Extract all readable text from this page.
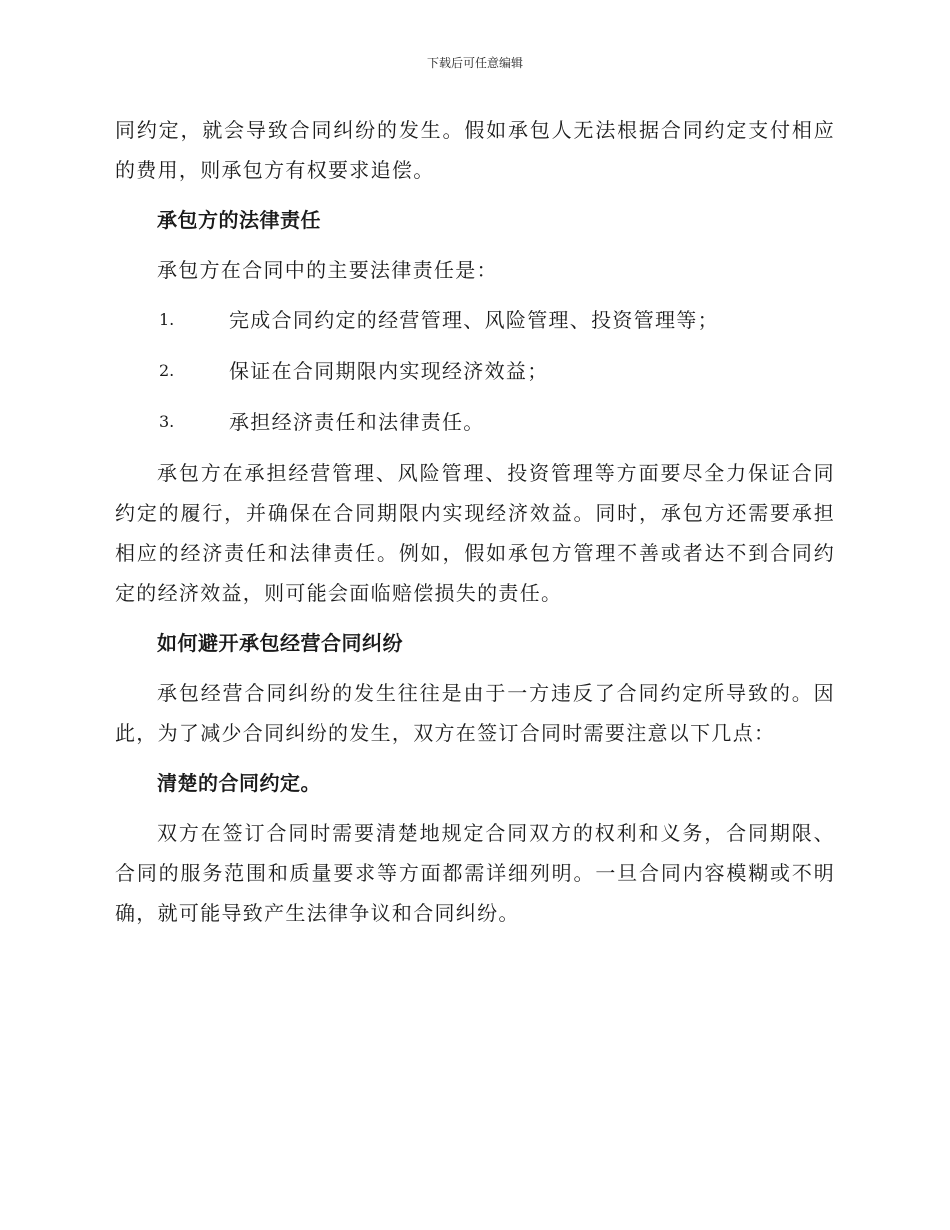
下载后可任意编辑

同约定，就会导致合同纠纷的发生。假如承包人无法根据合同约定支付相应的费用，则承包方有权要求追偿。

承包方的法律责任

承包方在合同中的主要法律责任是：

1.	完成合同约定的经营管理、风险管理、投资管理等；
2.	保证在合同期限内实现经济效益；
3.	承担经济责任和法律责任。

承包方在承担经营管理、风险管理、投资管理等方面要尽全力保证合同约定的履行，并确保在合同期限内实现经济效益。同时，承包方还需要承担相应的经济责任和法律责任。例如，假如承包方管理不善或者达不到合同约定的经济效益，则可能会面临赔偿损失的责任。

如何避开承包经营合同纠纷

承包经营合同纠纷的发生往往是由于一方违反了合同约定所导致的。因此，为了减少合同纠纷的发生，双方在签订合同时需要注意以下几点：

清楚的合同约定。

双方在签订合同时需要清楚地规定合同双方的权利和义务，合同期限、合同的服务范围和质量要求等方面都需详细列明。一旦合同内容模糊或不明确，就可能导致产生法律争议和合同纠纷。
